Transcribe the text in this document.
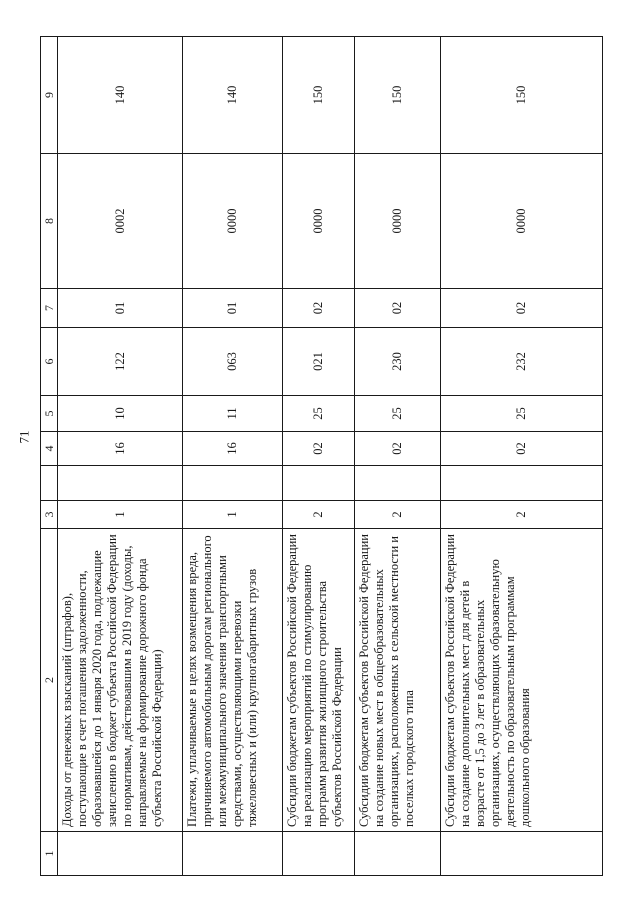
71
1	2	3		4	5	6	7	8	9
	Доходы от денежных взысканий (штрафов), поступающие в счет погашения задолженности, образовавшейся до 1 января 2020 года, подлежащие зачислению в бюджет субъекта Российской Федерации по нормативам, действовавшим в 2019 году (доходы, направляемые на формирование дорожного фонда субъекта Российской Федерации)	1		16	10	122	01	0002	140
	Платежи, уплачиваемые в целях возмещения вреда, причиняемого автомобильным дорогам регионального или межмуниципального значения транспортными средствами, осуществляющими перевозки тяжеловесных и (или) крупногабаритных грузов	1		16	11	063	01	0000	140
	Субсидии бюджетам субъектов Российской Федерации на реализацию мероприятий по стимулированию программ развития жилищного строительства субъектов Российской Федерации	2		02	25	021	02	0000	150
	Субсидии бюджетам субъектов Российской Федерации на создание новых мест в общеобразовательных организациях, расположенных в сельской местности и поселках городского типа	2		02	25	230	02	0000	150
	Субсидии бюджетам субъектов Российской Федерации на создание дополнительных мест для детей в возрасте от 1,5 до 3 лет в образовательных организациях, осуществляющих образовательную деятельность по образовательным программам дошкольного образования	2		02	25	232	02	0000	150
